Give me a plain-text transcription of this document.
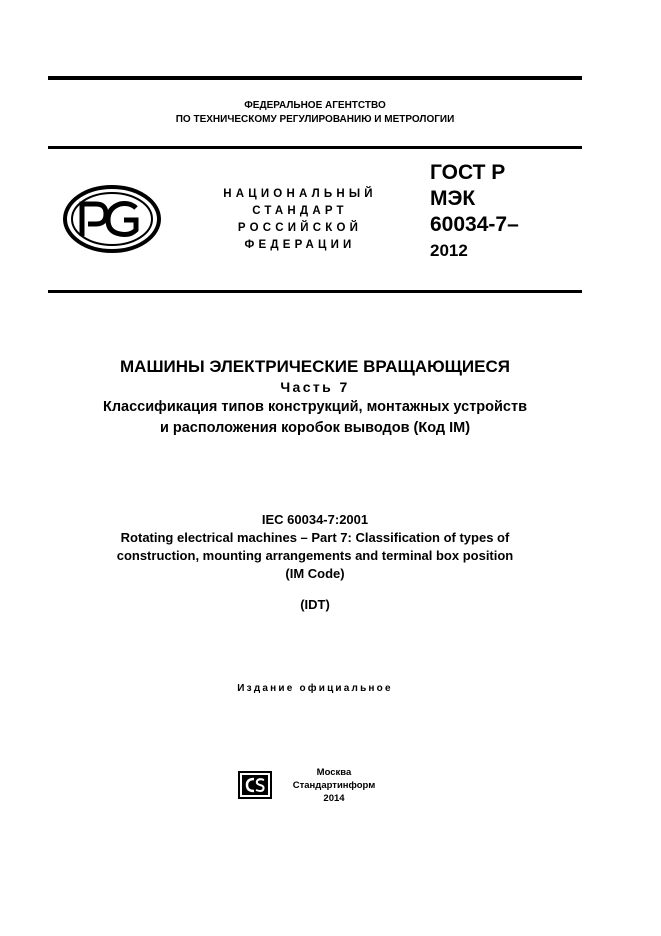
ФЕДЕРАЛЬНОЕ АГЕНТСТВО
ПО ТЕХНИЧЕСКОМУ РЕГУЛИРОВАНИЮ И МЕТРОЛОГИИ
НАЦИОНАЛЬНЫЙ
СТАНДАРТ
РОССИЙСКОЙ
ФЕДЕРАЦИИ
ГОСТ Р
МЭК
60034-7–
2012
МАШИНЫ ЭЛЕКТРИЧЕСКИЕ ВРАЩАЮЩИЕСЯ
Часть 7
Классификация типов конструкций, монтажных устройств
и расположения коробок выводов (Код IM)
IEC 60034-7:2001
Rotating electrical machines – Part 7: Classification of types of
construction, mounting arrangements and terminal box position
(IM Code)
(IDT)
Издание официальное
Москва
Стандартинформ
2014
